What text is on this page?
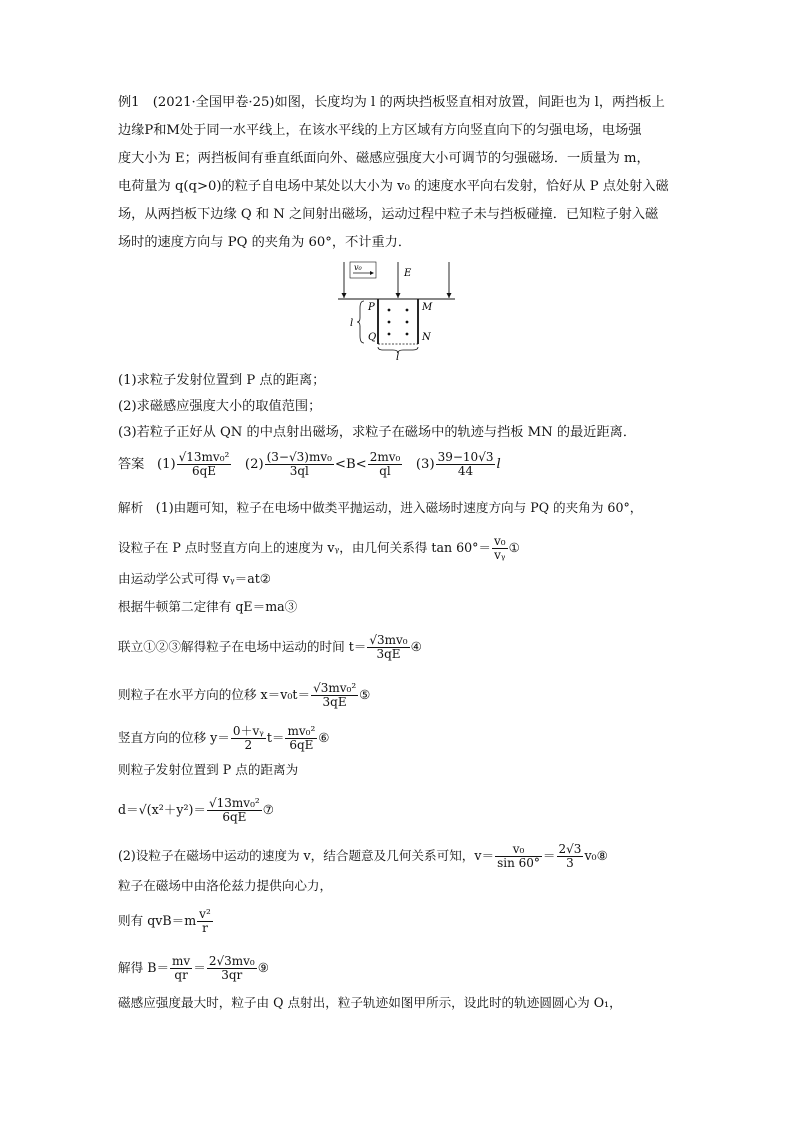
例1　(2021·全国甲卷·25)如图，长度均为 l 的两块挡板竖直相对放置，间距也为 l，两挡板上
边缘P和M处于同一水平线上，在该水平线的上方区域有方向竖直向下的匀强电场，电场强
度大小为 E；两挡板间有垂直纸面向外、磁感应强度大小可调节的匀强磁场．一质量为 m，
电荷量为 q(q>0)的粒子自电场中某处以大小为 v₀ 的速度水平向右发射，恰好从 P 点处射入磁
场，从两挡板下边缘 Q 和 N 之间射出磁场，运动过程中粒子未与挡板碰撞．已知粒子射入磁
场时的速度方向与 PQ 的夹角为 60°，不计重力．
v₀
E
P	M
Q	N
l
l
(1)求粒子发射位置到 P 点的距离；
(2)求磁感应强度大小的取值范围；
(3)若粒子正好从 QN 的中点射出磁场，求粒子在磁场中的轨迹与挡板 MN 的最近距离．
答案 $(1) \frac{\text{√13mv₀²}}{6qE} (2) \frac{\text{(3−√3)mv₀}}{3ql} <B< \frac{\text{2mv₀}}{ql} (3) \frac{39-10√3}{44}$ l
解析　(1)由题可知，粒子在电场中做类平抛运动，进入磁场时速度方向与 PQ 的夹角为 60°，
设粒子在 P 点时竖直方向上的速度为 vᵧ，由几何关系得 $\tan 60^\circ= \frac{\text{v₀}}{\text{vᵧ}}$ ①
由运动学公式可得 vᵧ＝at②
根据牛顿第二定律有 qE＝ma③
联立①②③解得粒子在电场中运动的时间 $t= \frac{\text{√3mv₀}}{3qE}$ ④
则粒子在水平方向的位移 $x=v_0t= \frac{\text{√3mv₀²}}{3qE}$ ⑤
竖直方向的位移 $y= \frac{\text{0＋vᵧ}}{2} t= \frac{\text{mv₀²}}{6qE}$ ⑥
则粒子发射位置到 P 点的距离为
$d=√(x^2+y^2)= \frac{\text{√13mv₀²}}{6qE}$ ⑦
(2)设粒子在磁场中运动的速度为 v，结合题意及几何关系可知，$v= \frac{\text{v₀}}{\sin 60^\circ} = \frac{2√3}{3}$ v₀⑧
粒子在磁场中由洛伦兹力提供向心力，
则有 $qvB=m \frac{\text{v²}}{r}$
解得 $B= \frac{mv}{qr} = \frac{\text{2√3mv₀}}{3qr}$ ⑨
磁感应强度最大时，粒子由 Q 点射出，粒子轨迹如图甲所示，设此时的轨迹圆圆心为 O₁，
